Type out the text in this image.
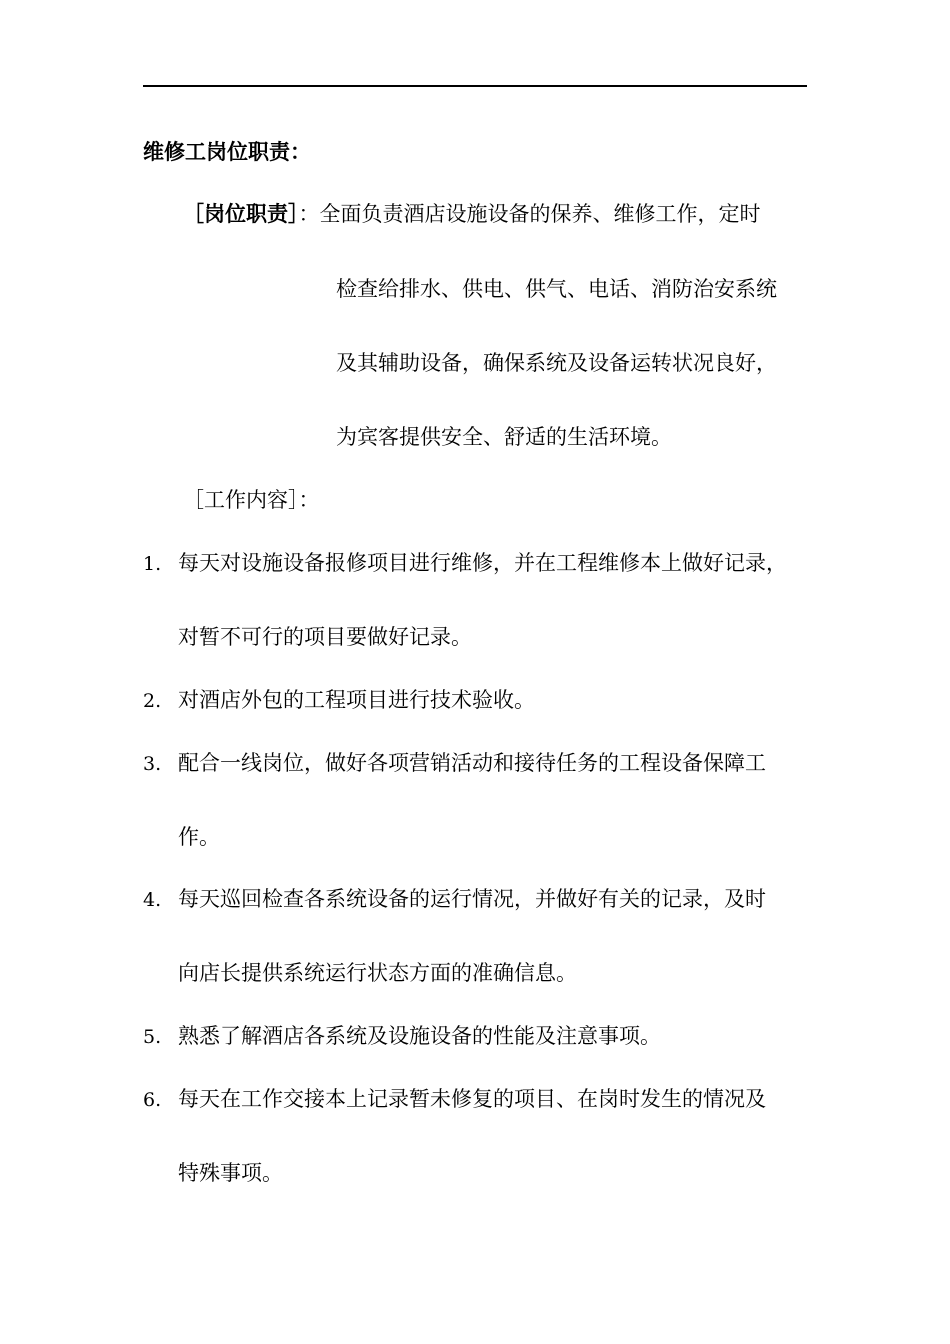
维修工岗位职责：
［岗位职责］：全面负责酒店设施设备的保养、维修工作，定时
检查给排水、供电、供气、电话、消防治安系统
及其辅助设备，确保系统及设备运转状况良好，
为宾客提供安全、舒适的生活环境。
［工作内容］：
1. 每天对设施设备报修项目进行维修，并在工程维修本上做好记录，
对暂不可行的项目要做好记录。
2. 对酒店外包的工程项目进行技术验收。
3. 配合一线岗位，做好各项营销活动和接待任务的工程设备保障工
作。
4. 每天巡回检查各系统设备的运行情况，并做好有关的记录，及时
向店长提供系统运行状态方面的准确信息。
5. 熟悉了解酒店各系统及设施设备的性能及注意事项。
6. 每天在工作交接本上记录暂未修复的项目、在岗时发生的情况及
特殊事项。
